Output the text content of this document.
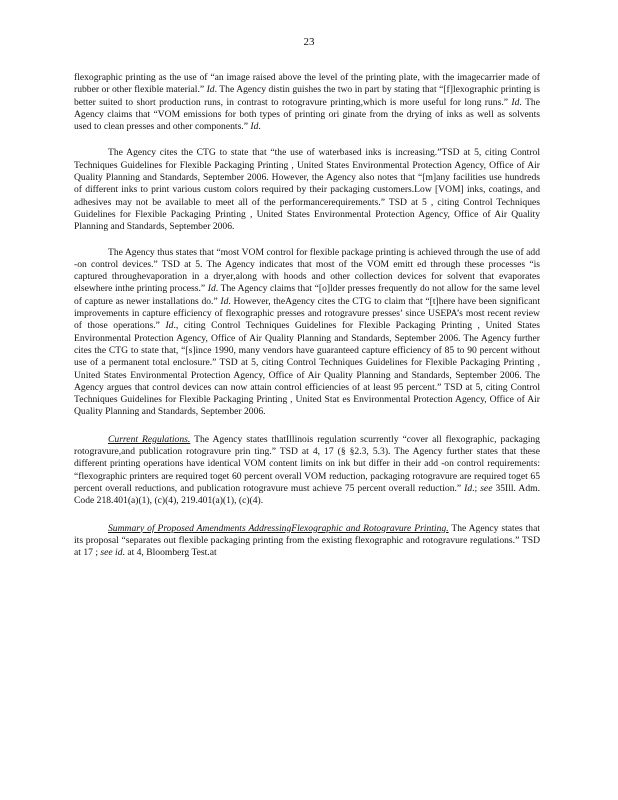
23

flexographic printing as the use of “an image raised above the level of the printing plate, with the imagecarrier made of rubber or other flexible material.” Id. The Agency distin guishes the two in part by stating that “[f]lexographic printing is better suited to short production runs, in contrast to rotogravure printing,which is more useful for long runs.” Id. The Agency claims that “VOM emissions for both types of printing ori ginate from the drying of inks as well as solvents used to clean presses and other components.” Id.

The Agency cites the CTG to state that “the use of waterbased inks is increasing.”TSD at 5, citing Control Techniques Guidelines for Flexible Packaging Printing , United States Environmental Protection Agency, Office of Air Quality Planning and Standards, September 2006. However, the Agency also notes that “[m]any facilities use hundreds of different inks to print various custom colors required by their packaging customers.Low [VOM] inks, coatings, and adhesives may not be available to meet all of the performancerequirements.” TSD at 5 , citing Control Techniques Guidelines for Flexible Packaging Printing , United States Environmental Protection Agency, Office of Air Quality Planning and Standards, September 2006.

The Agency thus states that “most VOM control for flexible package printing is achieved through the use of add -on control devices.” TSD at 5. The Agency indicates that most of the VOM emitt ed through these processes “is captured throughevaporation in a dryer,along with hoods and other collection devices for solvent that evaporates elsewhere inthe printing process.” Id. The Agency claims that “[o]lder presses frequently do not allow for the same level of capture as newer installations do.” Id. However, theAgency cites the CTG to claim that “[t]here have been significant improvements in capture efficiency of flexographic presses and rotogravure presses’ since USEPA’s most recent review of those operations.” Id., citing Control Techniques Guidelines for Flexible Packaging Printing , United States Environmental Protection Agency, Office of Air Quality Planning and Standards, September 2006. The Agency further cites the CTG to state that, “[s]ince 1990, many vendors have guaranteed capture efficiency of 85 to 90 percent without use of a permanent total enclosure.” TSD at 5, citing Control Techniques Guidelines for Flexible Packaging Printing , United States Environmental Protection Agency, Office of Air Quality Planning and Standards, September 2006. The Agency argues that control devices can now attain control efficiencies of at least 95 percent.” TSD at 5, citing Control Techniques Guidelines for Flexible Packaging Printing , United Stat es Environmental Protection Agency, Office of Air Quality Planning and Standards, September 2006.

Current Regulations. The Agency states thatIllinois regulation scurrently “cover all flexographic, packaging rotogravure,and publication rotogravure prin ting.” TSD at 4, 17 (§ §2.3, 5.3). The Agency further states that these different printing operations have identical VOM content limits on ink but differ in their add -on control requirements: “flexographic printers are required toget 60 percent overall VOM reduction, packaging rotogravure are required toget 65 percent overall reductions, and publication rotogravure must achieve 75 percent overall reduction.” Id.; see 35Ill. Adm. Code 218.401(a)(1), (c)(4), 219.401(a)(1), (c)(4).

Summary of Proposed Amendments AddressingFlexographic and Rotogravure Printing. The Agency states that its proposal “separates out flexible packaging printing from the existing flexographic and rotogravure regulations.” TSD at 17 ; see id. at 4, Bloomberg Test.at
